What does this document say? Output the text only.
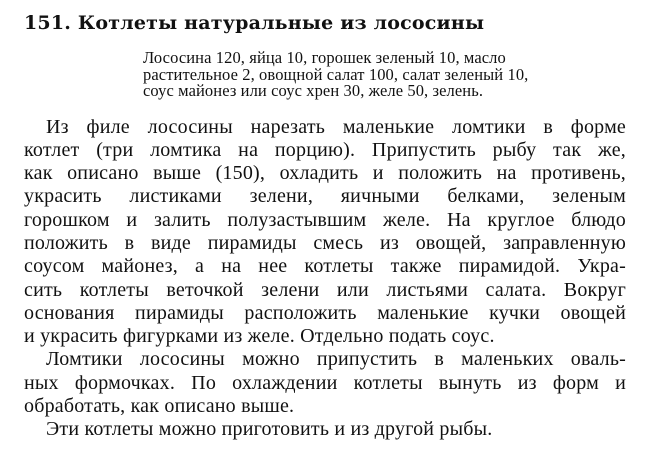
151. Котлеты натуральные из лососины
Лососина 120, яйца 10, горошек зеленый 10, масло
растительное 2, овощной салат 100, салат зеленый 10,
соус майонез или соус хрен 30, желе 50, зелень.
Из филе лососины нарезать маленькие ломтики в форме
котлет (три ломтика на порцию). Припустить рыбу так же,
как описано выше (150), охладить и положить на противень,
украсить листиками зелени, яичными белками, зеленым
горошком и залить полузастывшим желе. На круглое блюдо
положить в виде пирамиды смесь из овощей, заправленную
соусом майонез, а на нее котлеты также пирамидой. Укра-
сить котлеты веточкой зелени или листьями салата. Вокруг
основания пирамиды расположить маленькие кучки овощей
и украсить фигурками из желе. Отдельно подать соус.
Ломтики лососины можно припустить в маленьких оваль-
ных формочках. По охлаждении котлеты вынуть из форм и
обработать, как описано выше.
Эти котлеты можно приготовить и из другой рыбы.
